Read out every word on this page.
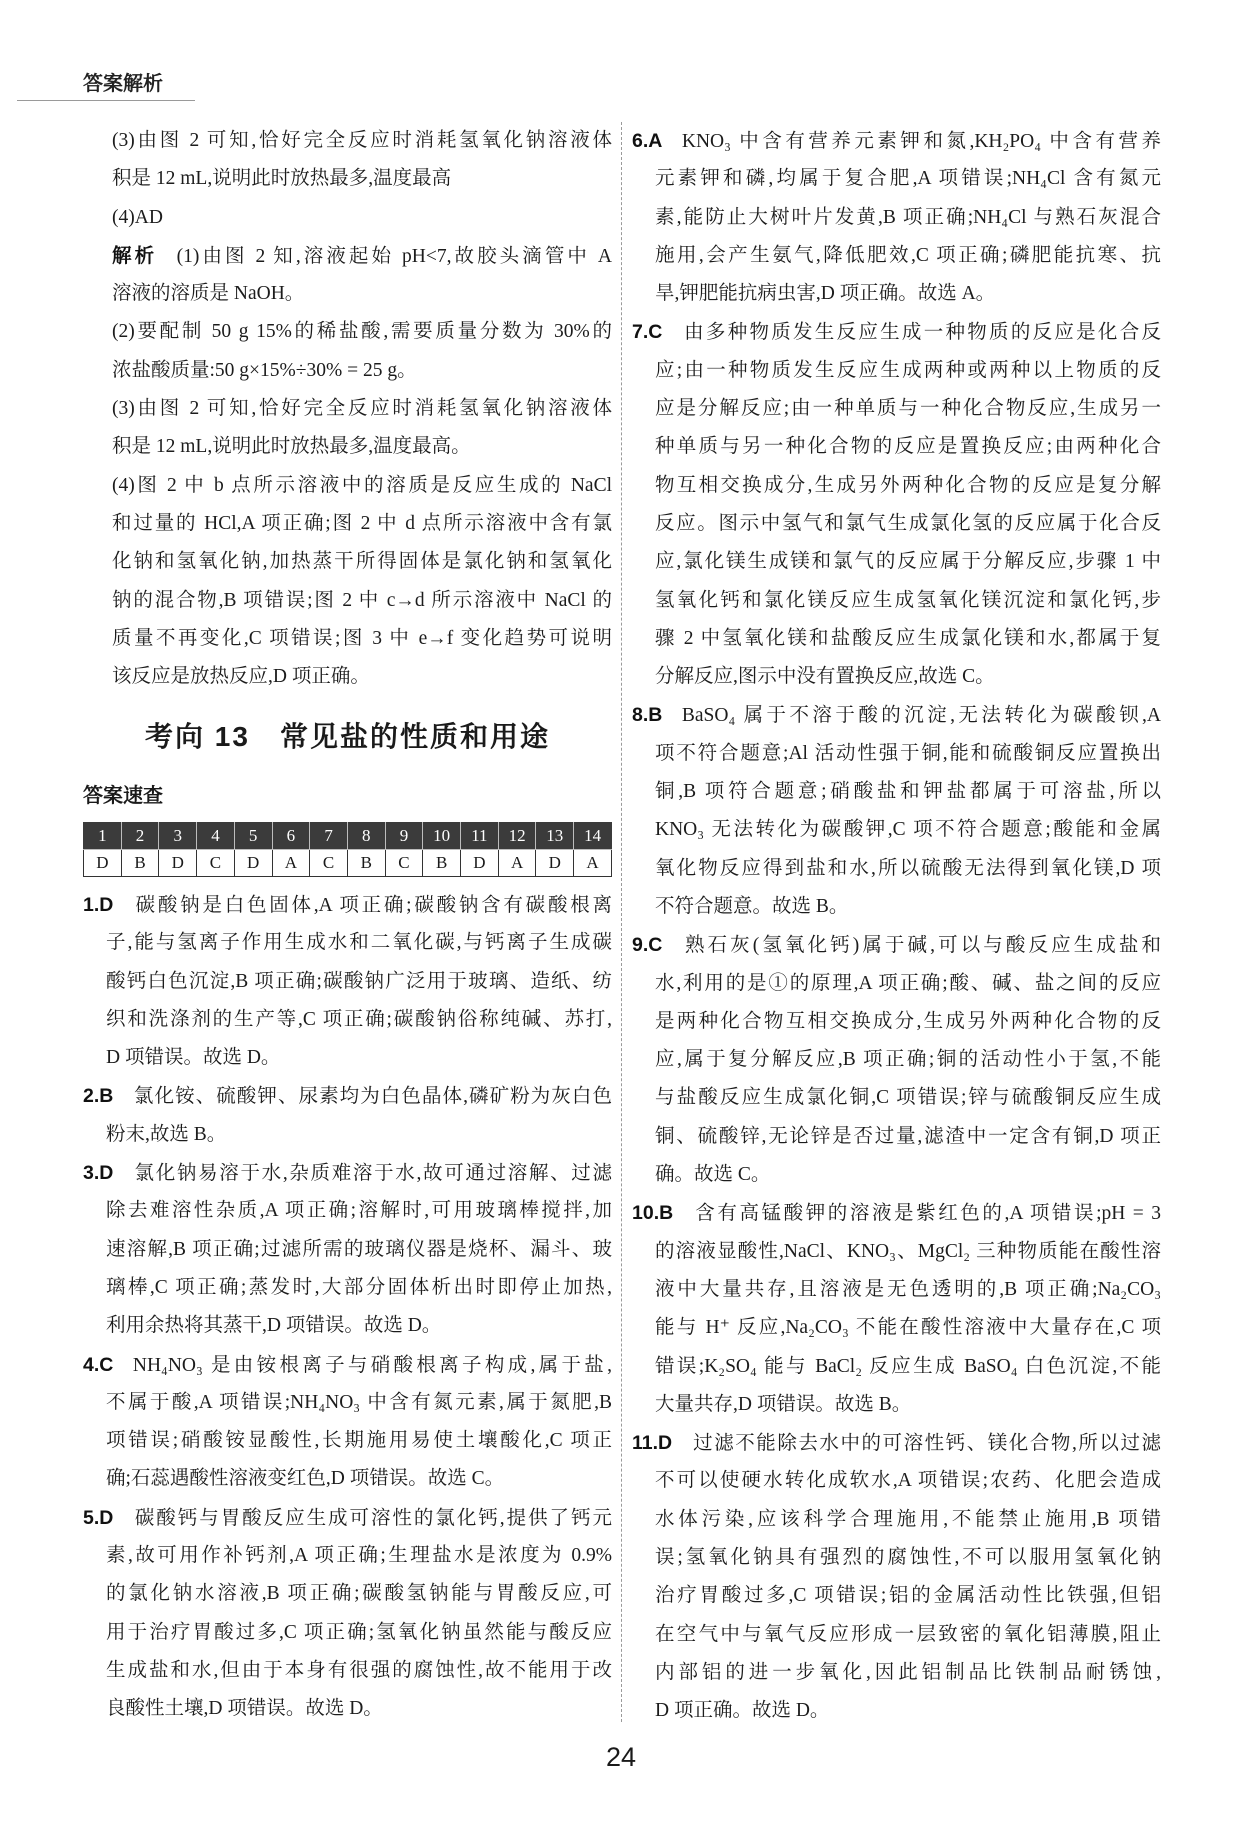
答案解析
(3)由图 2 可知,恰好完全反应时消耗氢氧化钠溶液体
积是 12 mL,说明此时放热最多,温度最高
(4)AD
解析 (1)由图 2 知,溶液起始 pH<7,故胶头滴管中 A
溶液的溶质是 NaOH。
(2)要配制 50 g 15%的稀盐酸,需要质量分数为 30%的
浓盐酸质量:50 g×15%÷30% = 25 g。
(3)由图 2 可知,恰好完全反应时消耗氢氧化钠溶液体
积是 12 mL,说明此时放热最多,温度最高。
(4)图 2 中 b 点所示溶液中的溶质是反应生成的 NaCl
和过量的 HCl,A 项正确;图 2 中 d 点所示溶液中含有氯
化钠和氢氧化钠,加热蒸干所得固体是氯化钠和氢氧化
钠的混合物,B 项错误;图 2 中 c→d 所示溶液中 NaCl 的
质量不再变化,C 项错误;图 3 中 e→f 变化趋势可说明
该反应是放热反应,D 项正确。
考向 13　常见盐的性质和用途
答案速查
1	2	3	4	5	6	7	8	9	10	11	12	13	14
D	B	D	C	D	A	C	B	C	B	D	A	D	A
1.D 碳酸钠是白色固体,A 项正确;碳酸钠含有碳酸根离
子,能与氢离子作用生成水和二氧化碳,与钙离子生成碳
酸钙白色沉淀,B 项正确;碳酸钠广泛用于玻璃、造纸、纺
织和洗涤剂的生产等,C 项正确;碳酸钠俗称纯碱、苏打,
D 项错误。故选 D。
2.B 氯化铵、硫酸钾、尿素均为白色晶体,磷矿粉为灰白色
粉末,故选 B。
3.D 氯化钠易溶于水,杂质难溶于水,故可通过溶解、过滤
除去难溶性杂质,A 项正确;溶解时,可用玻璃棒搅拌,加
速溶解,B 项正确;过滤所需的玻璃仪器是烧杯、漏斗、玻
璃棒,C 项正确;蒸发时,大部分固体析出时即停止加热,
利用余热将其蒸干,D 项错误。故选 D。
4.C NH₄NO₃ 是由铵根离子与硝酸根离子构成,属于盐,
不属于酸,A 项错误;NH₄NO₃ 中含有氮元素,属于氮肥,B
项错误;硝酸铵显酸性,长期施用易使土壤酸化,C 项正
确;石蕊遇酸性溶液变红色,D 项错误。故选 C。
5.D 碳酸钙与胃酸反应生成可溶性的氯化钙,提供了钙元
素,故可用作补钙剂,A 项正确;生理盐水是浓度为 0.9%
的氯化钠水溶液,B 项正确;碳酸氢钠能与胃酸反应,可
用于治疗胃酸过多,C 项正确;氢氧化钠虽然能与酸反应
生成盐和水,但由于本身有很强的腐蚀性,故不能用于改
良酸性土壤,D 项错误。故选 D。
6.A KNO₃ 中含有营养元素钾和氮,KH₂PO₄ 中含有营养
元素钾和磷,均属于复合肥,A 项错误;NH₄Cl 含有氮元
素,能防止大树叶片发黄,B 项正确;NH₄Cl 与熟石灰混合
施用,会产生氨气,降低肥效,C 项正确;磷肥能抗寒、抗
旱,钾肥能抗病虫害,D 项正确。故选 A。
7.C 由多种物质发生反应生成一种物质的反应是化合反
应;由一种物质发生反应生成两种或两种以上物质的反
应是分解反应;由一种单质与一种化合物反应,生成另一
种单质与另一种化合物的反应是置换反应;由两种化合
物互相交换成分,生成另外两种化合物的反应是复分解
反应。图示中氢气和氯气生成氯化氢的反应属于化合反
应,氯化镁生成镁和氯气的反应属于分解反应,步骤 1 中
氢氧化钙和氯化镁反应生成氢氧化镁沉淀和氯化钙,步
骤 2 中氢氧化镁和盐酸反应生成氯化镁和水,都属于复
分解反应,图示中没有置换反应,故选 C。
8.B BaSO₄ 属于不溶于酸的沉淀,无法转化为碳酸钡,A
项不符合题意;Al 活动性强于铜,能和硫酸铜反应置换出
铜,B 项符合题意;硝酸盐和钾盐都属于可溶盐,所以
KNO₃ 无法转化为碳酸钾,C 项不符合题意;酸能和金属
氧化物反应得到盐和水,所以硫酸无法得到氧化镁,D 项
不符合题意。故选 B。
9.C 熟石灰(氢氧化钙)属于碱,可以与酸反应生成盐和
水,利用的是①的原理,A 项正确;酸、碱、盐之间的反应
是两种化合物互相交换成分,生成另外两种化合物的反
应,属于复分解反应,B 项正确;铜的活动性小于氢,不能
与盐酸反应生成氯化铜,C 项错误;锌与硫酸铜反应生成
铜、硫酸锌,无论锌是否过量,滤渣中一定含有铜,D 项正
确。故选 C。
10.B 含有高锰酸钾的溶液是紫红色的,A 项错误;pH = 3
的溶液显酸性,NaCl、KNO₃、MgCl₂ 三种物质能在酸性溶
液中大量共存,且溶液是无色透明的,B 项正确;Na₂CO₃
能与 H⁺ 反应,Na₂CO₃ 不能在酸性溶液中大量存在,C 项
错误;K₂SO₄ 能与 BaCl₂ 反应生成 BaSO₄ 白色沉淀,不能
大量共存,D 项错误。故选 B。
11.D 过滤不能除去水中的可溶性钙、镁化合物,所以过滤
不可以使硬水转化成软水,A 项错误;农药、化肥会造成
水体污染,应该科学合理施用,不能禁止施用,B 项错
误;氢氧化钠具有强烈的腐蚀性,不可以服用氢氧化钠
治疗胃酸过多,C 项错误;铝的金属活动性比铁强,但铝
在空气中与氧气反应形成一层致密的氧化铝薄膜,阻止
内部铝的进一步氧化,因此铝制品比铁制品耐锈蚀,
D 项正确。故选 D。
24
